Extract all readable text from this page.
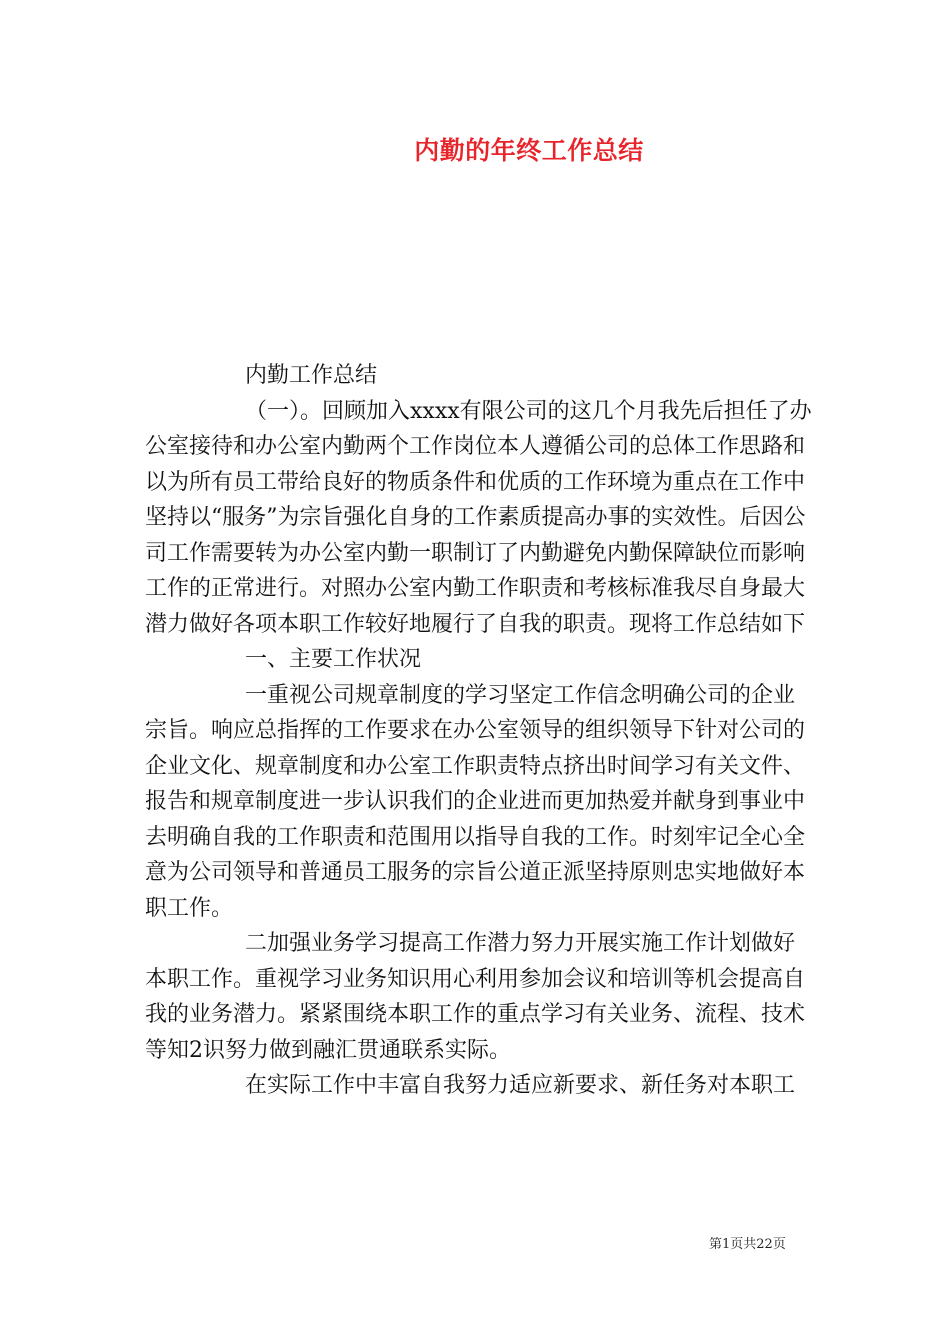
内勤的年终工作总结

内勤工作总结

（一）。回顾加入xxxx有限公司的这几个月我先后担任了办公室接待和办公室内勤两个工作岗位本人遵循公司的总体工作思路和以为所有员工带给良好的物质条件和优质的工作环境为重点在工作中坚持以“服务”为宗旨强化自身的工作素质提高办事的实效性。后因公司工作需要转为办公室内勤一职制订了内勤避免内勤保障缺位而影响工作的正常进行。对照办公室内勤工作职责和考核标准我尽自身最大潜力做好各项本职工作较好地履行了自我的职责。现将工作总结如下

一、主要工作状况

一重视公司规章制度的学习坚定工作信念明确公司的企业宗旨。响应总指挥的工作要求在办公室领导的组织领导下针对公司的企业文化、规章制度和办公室工作职责特点挤出时间学习有关文件、报告和规章制度进一步认识我们的企业进而更加热爱并献身到事业中去明确自我的工作职责和范围用以指导自我的工作。时刻牢记全心全意为公司领导和普通员工服务的宗旨公道正派坚持原则忠实地做好本职工作。

二加强业务学习提高工作潜力努力开展实施工作计划做好本职工作。重视学习业务知识用心利用参加会议和培训等机会提高自我的业务潜力。紧紧围绕本职工作的重点学习有关业务、流程、技术等知2识努力做到融汇贯通联系实际。

在实际工作中丰富自我努力适应新要求、新任务对本职工

第1页共22页
